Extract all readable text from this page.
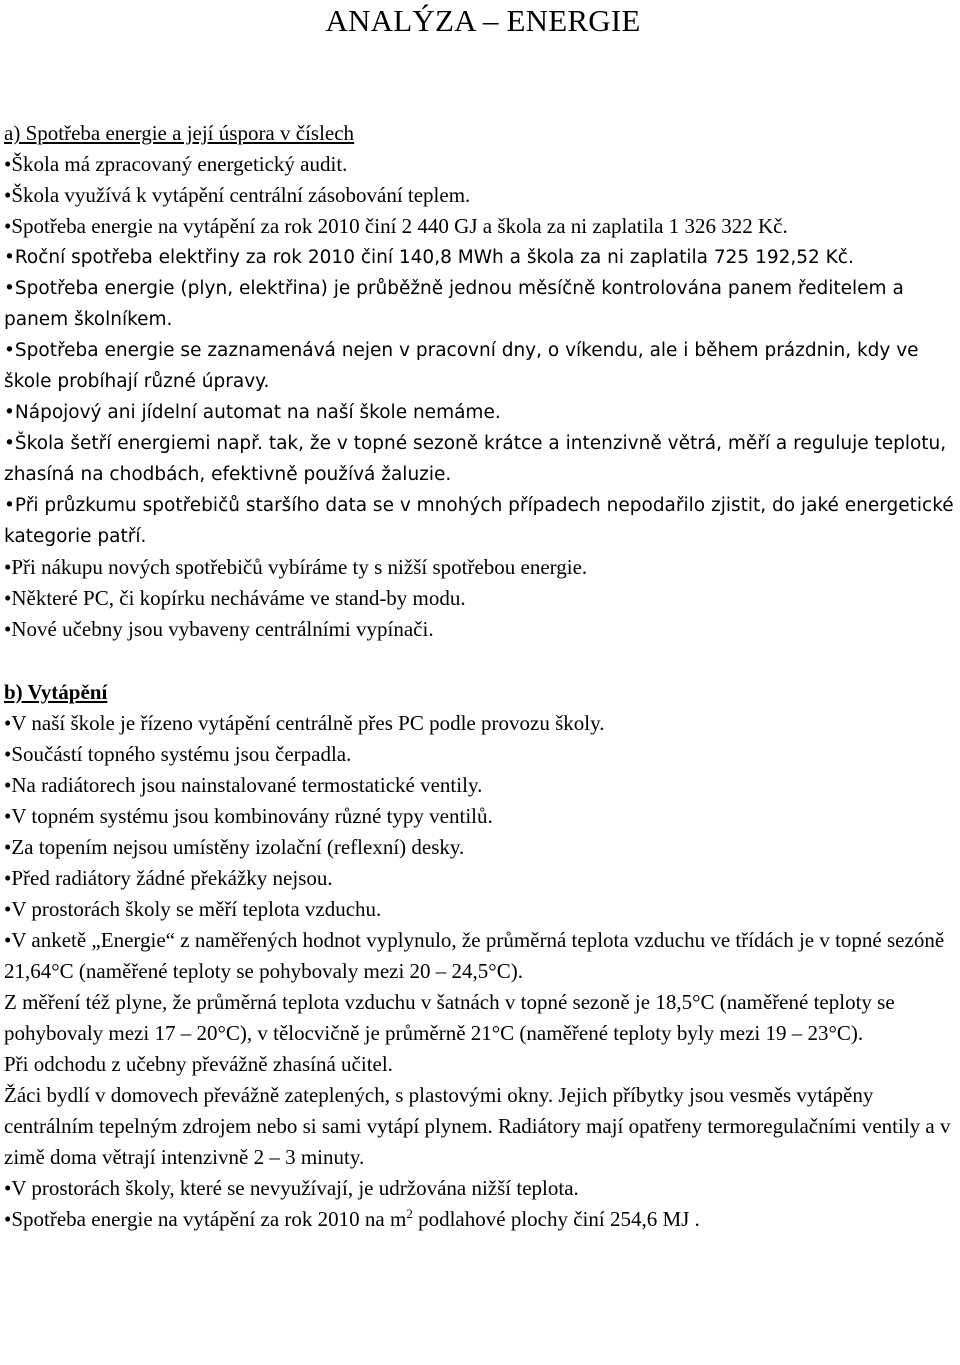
ANALÝZA – ENERGIE

a) Spotřeba energie a její úspora v číslech

•Škola má zpracovaný energetický audit.

•Škola využívá k vytápění centrální zásobování teplem.

•Spotřeba energie na vytápění za rok 2010 činí 2 440 GJ a škola za ni zaplatila 1 326 322 Kč.

•Roční spotřeba elektřiny za rok 2010 činí 140,8 MWh a škola za ni zaplatila 725 192,52 Kč.

•Spotřeba energie (plyn, elektřina) je průběžně jednou měsíčně kontrolována panem ředitelem a panem školníkem.

•Spotřeba energie se zaznamenává nejen v pracovní dny, o víkendu, ale i během prázdnin, kdy ve škole probíhají různé úpravy.

•Nápojový ani jídelní automat na naší škole nemáme.

•Škola šetří energiemi např. tak, že v topné sezoně krátce a intenzivně větrá, měří a reguluje teplotu, zhasíná na chodbách, efektivně používá žaluzie.

•Při průzkumu spotřebičů staršího data se v mnohých případech nepodařilo zjistit, do jaké energetické kategorie patří.

•Při nákupu nových spotřebičů vybíráme ty s nižší spotřebou energie.

•Některé PC, či kopírku necháváme ve stand-by modu.

•Nové učebny jsou vybaveny centrálními vypínači.

b) Vytápění

•V naší škole je řízeno vytápění centrálně přes PC podle provozu školy.

•Součástí topného systému jsou čerpadla.

•Na radiátorech jsou nainstalované termostatické ventily.

•V topném systému jsou kombinovány různé typy ventilů.

•Za topením nejsou umístěny izolační (reflexní) desky.

•Před radiátory žádné překážky nejsou.

•V prostorách školy se měří teplota vzduchu.

•V anketě „Energie“ z naměřených hodnot vyplynulo, že průměrná teplota vzduchu ve třídách je v topné sezóně 21,64°C (naměřené teploty se pohybovaly mezi 20 – 24,5°C).

Z měření též plyne, že průměrná teplota vzduchu v šatnách v topné sezoně je 18,5°C (naměřené teploty se pohybovaly mezi 17 – 20°C), v tělocvičně je průměrně 21°C (naměřené teploty byly mezi 19 – 23°C).

Při odchodu z učebny převážně zhasíná učitel.

Žáci bydlí v domovech převážně zateplených, s plastovými okny. Jejich příbytky jsou vesměs vytápěny centrálním tepelným zdrojem nebo si sami vytápí plynem. Radiátory mají opatřeny termoregulačními ventily a v zimě doma větrají intenzivně 2 – 3 minuty.

•V prostorách školy, které se nevyužívají, je udržována nižší teplota.

•Spotřeba energie na vytápění za rok 2010 na $m^2$ podlahové plochy činí 254,6 MJ .
